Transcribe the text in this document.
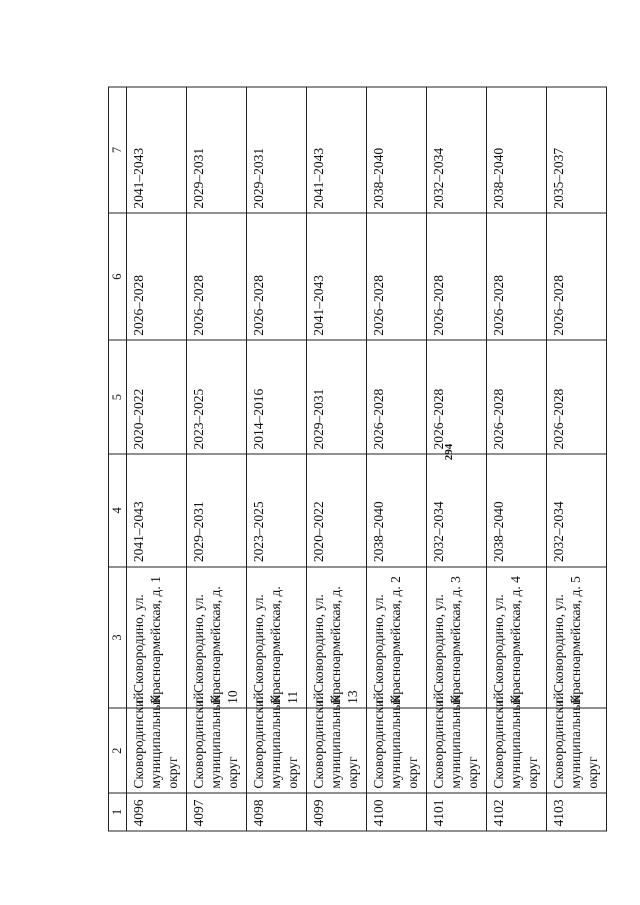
294
1	2	3	4	5	6	7
4096	Сковородинский муниципальный округ	г. Сковородино, ул. Красноармейская, д. 1	2041–2043	2020–2022	2026–2028	2041–2043
4097	Сковородинский муниципальный округ	г. Сковородино, ул. Красноармейская, д. 10	2029–2031	2023–2025	2026–2028	2029–2031
4098	Сковородинский муниципальный округ	г. Сковородино, ул. Красноармейская, д. 11	2023–2025	2014–2016	2026–2028	2029–2031
4099	Сковородинский муниципальный округ	г. Сковородино, ул. Красноармейская, д. 13	2020–2022	2029–2031	2041–2043	2041–2043
4100	Сковородинский муниципальный округ	г. Сковородино, ул. Красноармейская, д. 2	2038–2040	2026–2028	2026–2028	2038–2040
4101	Сковородинский муниципальный округ	г. Сковородино, ул. Красноармейская, д. 3	2032–2034	2026–2028	2026–2028	2032–2034
4102	Сковородинский муниципальный округ	г. Сковородино, ул. Красноармейская, д. 4	2038–2040	2026–2028	2026–2028	2038–2040
4103	Сковородинский муниципальный округ	г. Сковородино, ул. Красноармейская, д. 5	2032–2034	2026–2028	2026–2028	2035–2037
